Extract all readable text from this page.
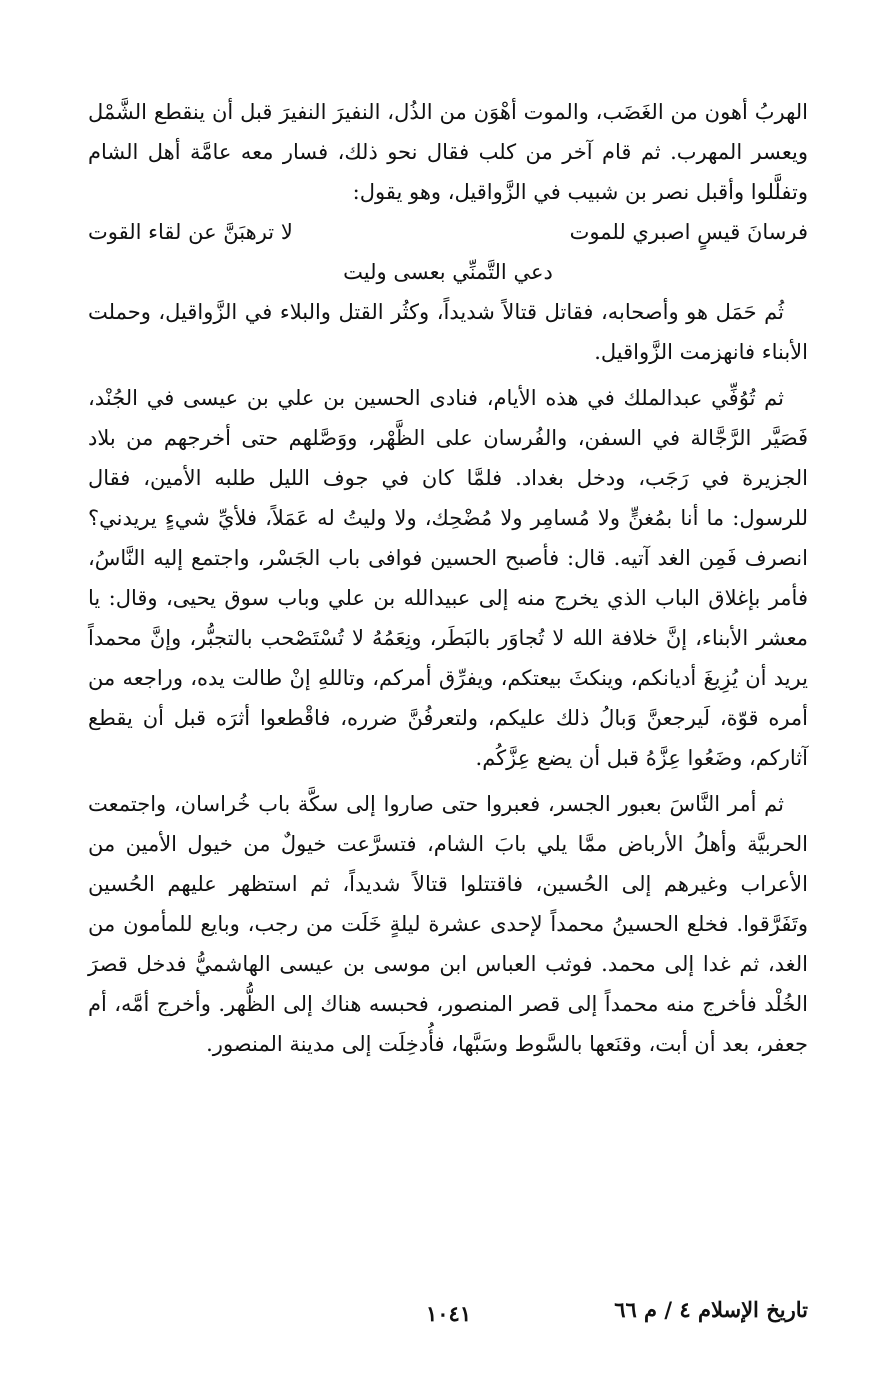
الهربُ أهون من الغَضَب، والموت أهْوَن من الذُل، النفيرَ النفيرَ قبل أن ينقطع الشَّمْل ويعسر المهرب. ثم قام آخر من كلب فقال نحو ذلك، فسار معه عامَّة أهل الشام وتفلَّلوا وأقبل نصر بن شبيب في الزَّواقيل، وهو يقول:

فرسانَ قيسٍ اصبري للموت
لا ترهبَنَّ عن لقاء القوت
دعي التَّمنِّي بعسى وليت

ثُم حَمَل هو وأصحابه، فقاتل قتالاً شديداً، وكثُر القتل والبلاء في الزَّواقيل، وحملت الأبناء فانهزمت الزَّواقيل.

ثم تُوُفِّي عبدالملك في هذه الأيام، فنادى الحسين بن علي بن عيسى في الجُنْد، فَصَيَّر الرَّجَّالة في السفن، والفُرسان على الظَّهْر، ووَصَّلهم حتى أخرجهم من بلاد الجزيرة في رَجَب، ودخل بغداد. فلمَّا كان في جوف الليل طلبه الأمين، فقال للرسول: ما أنا بمُغنٍّ ولا مُسامِر ولا مُضْحِك، ولا وليتُ له عَمَلاً، فلأيِّ شيءٍ يريدني؟ انصرف فَمِن الغد آتيه. قال: فأصبح الحسين فوافى باب الجَسْر، واجتمع إليه النَّاسُ، فأمر بإغلاق الباب الذي يخرج منه إلى عبيدالله بن علي وباب سوق يحيى، وقال: يا معشر الأبناء، إنَّ خلافة الله لا تُجاوَر بالبَطَر، ونِعَمُهُ لا تُسْتَصْحب بالتجبُّر، وإنَّ محمداً يريد أن يُزِيغَ أديانكم، وينكثَ بيعتكم، ويفرِّق أمركم، وتاللهِ إنْ طالت يده، وراجعه من أمره قوّة، لَيرجعنَّ وَبالُ ذلك عليكم، ولتعرفُنَّ ضرره، فاقْطعوا أثرَه قبل أن يقطع آثاركم، وضَعُوا عِزَّهُ قبل أن يضع عِزَّكُم.

ثم أمر النَّاسَ بعبور الجسر، فعبروا حتى صاروا إلى سكَّة باب خُراسان، واجتمعت الحربيَّة وأهلُ الأرباض ممَّا يلي بابَ الشام، فتسرَّعت خيولٌ من خيول الأمين من الأعراب وغيرهم إلى الحُسين، فاقتتلوا قتالاً شديداً، ثم استظهر عليهم الحُسين وتَفَرَّقوا. فخلع الحسينُ محمداً لإحدى عشرة ليلةٍ خَلَت من رجب، وبايع للمأمون من الغد، ثم غدا إلى محمد. فوثب العباس ابن موسى بن عيسى الهاشميُّ فدخل قصرَ الخُلْد فأخرج منه محمداً إلى قصر المنصور، فحبسه هناك إلى الظُّهر. وأخرج أمَّه، أم جعفر، بعد أن أبت، وقنَعها بالسَّوط وسَبَّها، فأُدخِلَت إلى مدينة المنصور.

تاريخ الإسلام ٤ / م ٦٦
١٠٤١
